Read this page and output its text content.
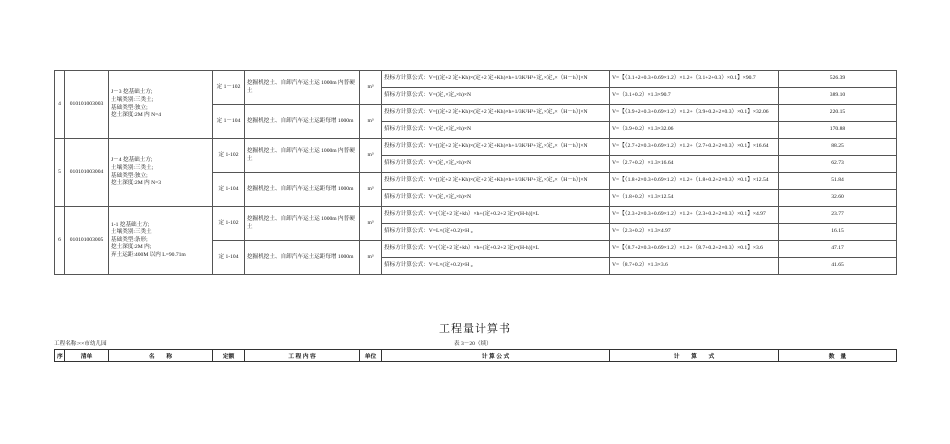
4	010101003003	J－3 挖基础土方;
土壤类别:三类土;
基础类型:独立;
挖土深度:2M 内 N=4	定 1－102	挖掘机挖土、自卸汽车运土运 1000m 内普硬土	m³	投标方计算公式：V=[(定+2 定+Kh)×(定+2 定+Kh)×h+1/3K²H³+定₁×定₂×（H－h）]×N	V=【（3.1+2+0.3+0.69×1.2）×1.2+（3.1+2+0.3）×0.1】×90.7	526.39
						招标方计算公式：V=(定₁×定₂×h)×N	V=（3.1+0.2）×1.3×90.7	389.10
			定 1－104	挖掘机挖土、自卸汽车运土运距每增 1000m	m³	投标方计算公式：V=[(定+2 定+Kh)×(定+2 定+Kh)×h+1/3K²H³+定₁×定₂×（H－h）]×N	V=【（3.9+2+0.3+0.69×1.2）×1.2+（3.9+0.2+2×0.3）×0.1】×32.06	220.15
						招标方计算公式：V=(定₁×定₂×h)×N	V=（3.9+0.2）×1.3×32.06	170.88
5	010101003004	J－4 挖基础土方;
土壤类别:三类土;
基础类型:独立;
挖土深度:2M 内 N=3	定 1-102	挖掘机挖土、自卸汽车运土运 1000m 内普硬土	m³	投标方计算公式：V=[(定+2 定+Kh)×(定+2 定+Kh)×h+1/3K²H³+定₁×定₂×（H－h）]×N	V=【（2.7+2×0.3+0.69×1.2）×1.2+（2.7+0.2+2×0.3）×0.1】×16.64	88.25
						招标方计算公式：V=(定₁×定₂×h)×N	V=（2.7+0.2）×1.3×16.64	62.73
			定 1-104	挖掘机挖土、自卸汽车运土运距每增 1000m	m³	投标方计算公式：V=[(定+2 定+Kh)×(定+2 定+Kh)×h+1/3K²H³+定₁×定₂×（H－h）]×N	V=【（1.8+2×0.3+0.69×1.2）×1.2+（1.8+0.2+2×0.3）×0.1】×12.54	51.84
						招标方计算公式：V=(定₁×定₂×h)×N	V=（1.8+0.2）×1.3×12.54	32.60
6	010101003005	1-1 挖基础土方;
土壤类别:三类土
基础类型:条形;
挖土深度:2M 内;
弃土运距:400M 以内 L=90.71m	定 1-102	挖掘机挖土、自卸汽车运土运 1000m 内普硬土	m³	投标方计算公式：V=[（定+2 定+kh）×h+(定+0.2+2 定)×(H-h)]×L	V=【（2.3+2×0.3+0.69×1.2）×1.2+（2.3+0.2+2×0.3）×0.1】×4.97	23.77
						招标方计算公式：V=L×(定+0.2)×H ₀	V=（2.3+0.2）×1.3×4.97	16.15
			定 1-104	挖掘机挖土、自卸汽车运土运距每增 1000m	m³	投标方计算公式：V=[（定+2 定+kh）×h+(定+0.2+2 定)×(H-h)]×L	V=【（8.7+2×0.3+0.69×1.2）×1.2+（8.7+0.2+2×0.3）×0.1】×3.6	47.17
						招标方计算公式：V=L×(定+0.2)×H ₀	V=（8.7+0.2）×1.3×3.6	41.65
工程量计算书
工程名称:××市幼儿园	表 3－20（续）
序	清单	名　　称	定额	工 程 内 容	单位	计 算 公 式	计　　算　　式	数　量
